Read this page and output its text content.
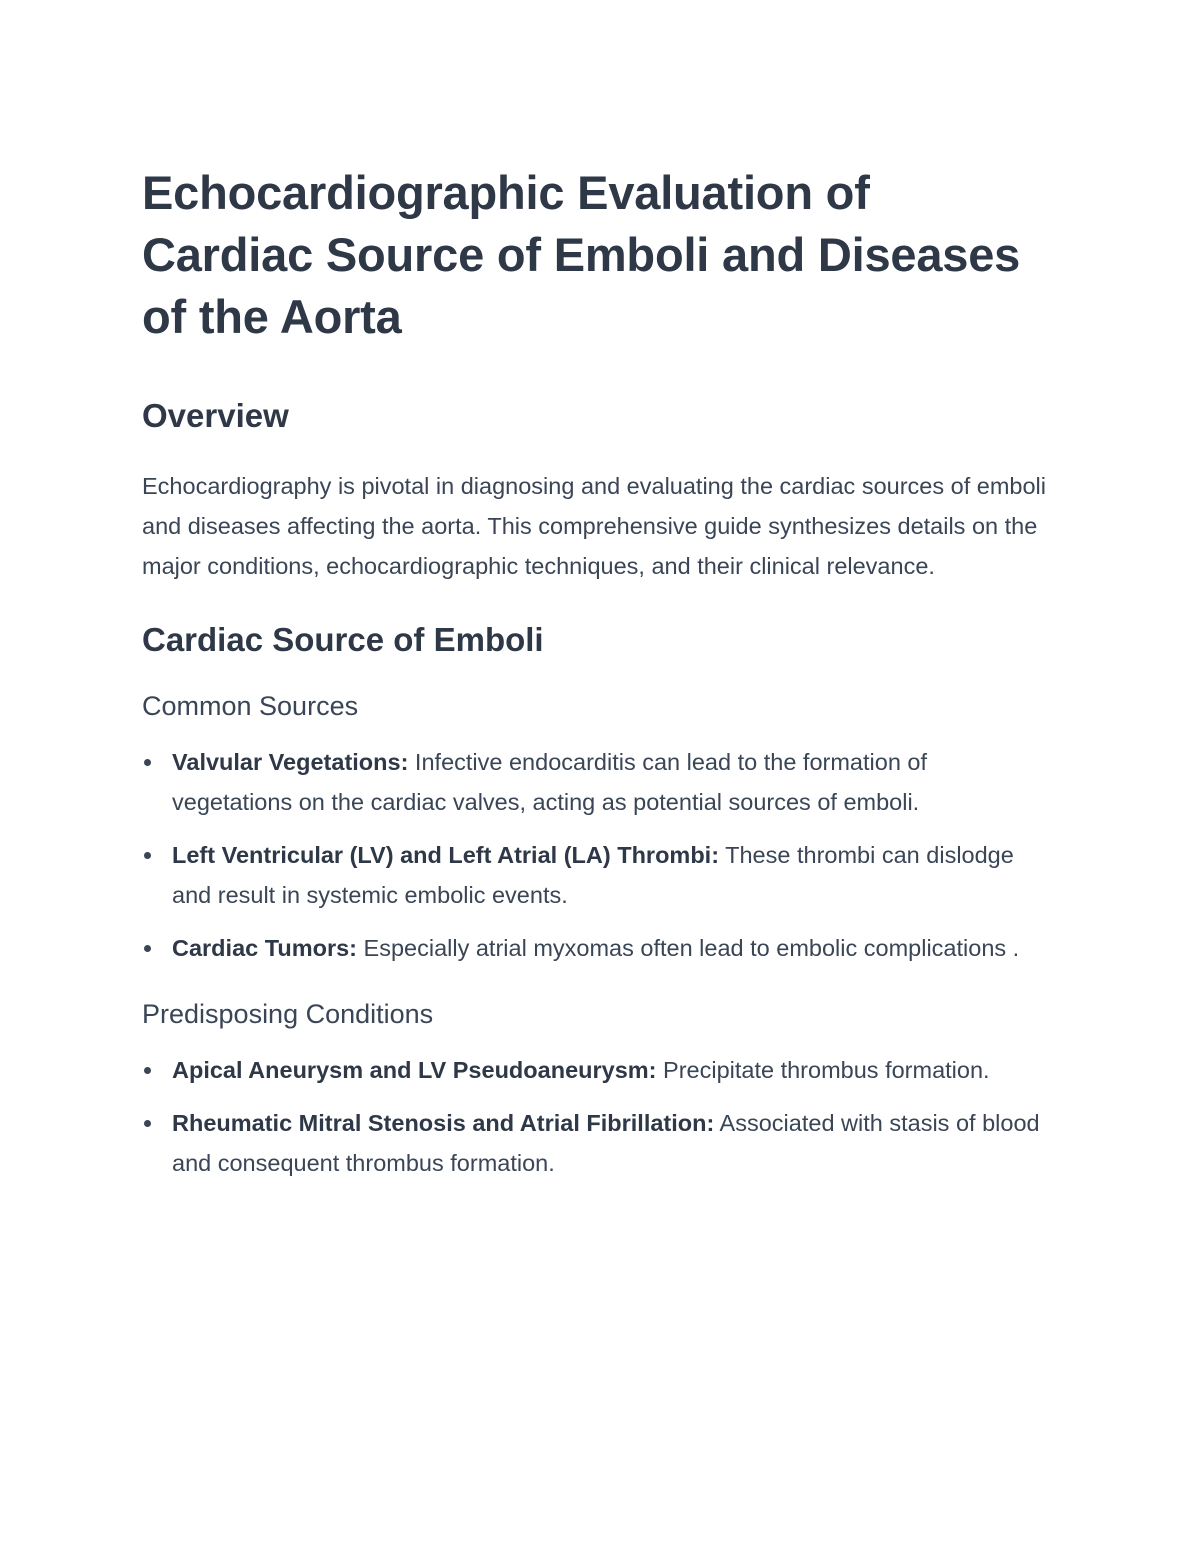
Echocardiographic Evaluation of Cardiac Source of Emboli and Diseases of the Aorta
Overview

Echocardiography is pivotal in diagnosing and evaluating the cardiac sources of emboli and diseases affecting the aorta. This comprehensive guide synthesizes details on the major conditions, echocardiographic techniques, and their clinical relevance.

Cardiac Source of Emboli
Common Sources
Valvular Vegetations: Infective endocarditis can lead to the formation of vegetations on the cardiac valves, acting as potential sources of emboli.
Left Ventricular (LV) and Left Atrial (LA) Thrombi: These thrombi can dislodge and result in systemic embolic events.
Cardiac Tumors: Especially atrial myxomas often lead to embolic complications .
Predisposing Conditions
Apical Aneurysm and LV Pseudoaneurysm: Precipitate thrombus formation.
Rheumatic Mitral Stenosis and Atrial Fibrillation: Associated with stasis of blood and consequent thrombus formation.
